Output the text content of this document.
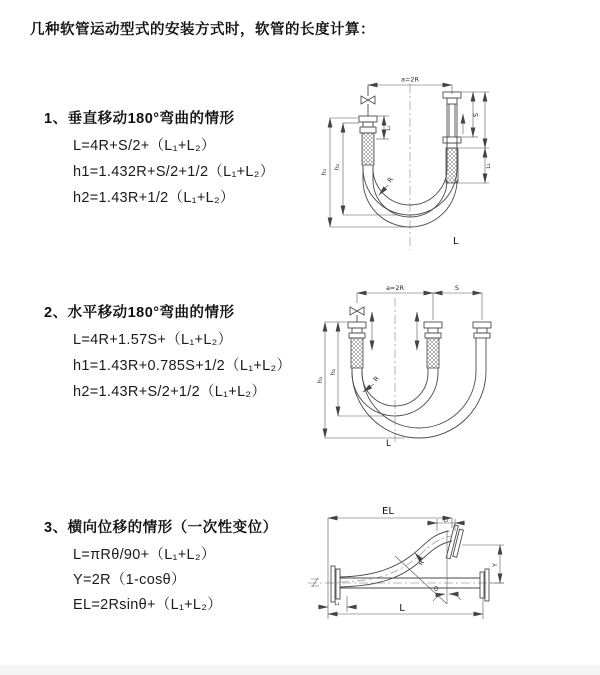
几种软管运动型式的安装方式时，软管的长度计算：
1、垂直移动180°弯曲的情形
L=4R+S/2+（L₁+L₂）
h1=1.432R+S/2+1/2（L₁+L₂）
h2=1.43R+1/2（L₁+L₂）
2、水平移动180°弯曲的情形
L=4R+1.57S+（L₁+L₂）
h1=1.43R+0.785S+1/2（L₁+L₂）
h2=1.43R+S/2+1/2（L₁+L₂）
3、横向位移的情形（一次性变位）
L=πRθ/90+（L₁+L₂）
Y=2R（1-cosθ）
EL=2Rsinθ+（L₁+L₂）
a=2R
L₁
S
L₂
h₁
h₂
R
L
a=2R	S
h₁
h₂
R
L
EL
L₂
Y
θ
R
L₁	L
